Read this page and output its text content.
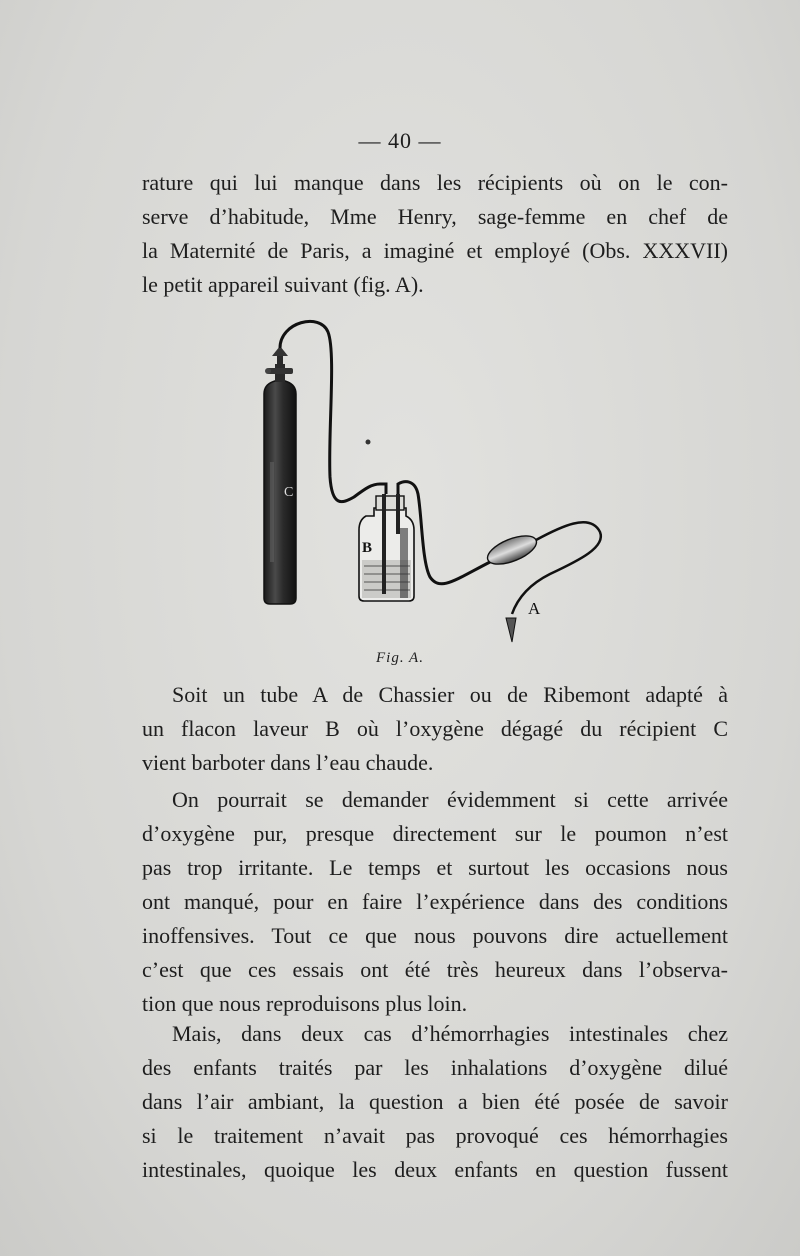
— 40 —
rature qui lui manque dans les récipients où on le con-
serve d’habitude, Mme Henry, sage-femme en chef de
la Maternité de Paris, a imaginé et employé (Obs. XXXVII)
le petit appareil suivant (fig. A).
C
B
A
Fig. A.
Soit un tube A de Chassier ou de Ribemont adapté à
un flacon laveur B où l’oxygène dégagé du récipient C
vient barboter dans l’eau chaude.
On pourrait se demander évidemment si cette arrivée
d’oxygène pur, presque directement sur le poumon n’est
pas trop irritante. Le temps et surtout les occasions nous
ont manqué, pour en faire l’expérience dans des conditions
inoffensives. Tout ce que nous pouvons dire actuellement
c’est que ces essais ont été très heureux dans l’observa-
tion que nous reproduisons plus loin.
Mais, dans deux cas d’hémorrhagies intestinales chez
des enfants traités par les inhalations d’oxygène dilué
dans l’air ambiant, la question a bien été posée de savoir
si le traitement n’avait pas provoqué ces hémorrhagies
intestinales, quoique les deux enfants en question fussent
